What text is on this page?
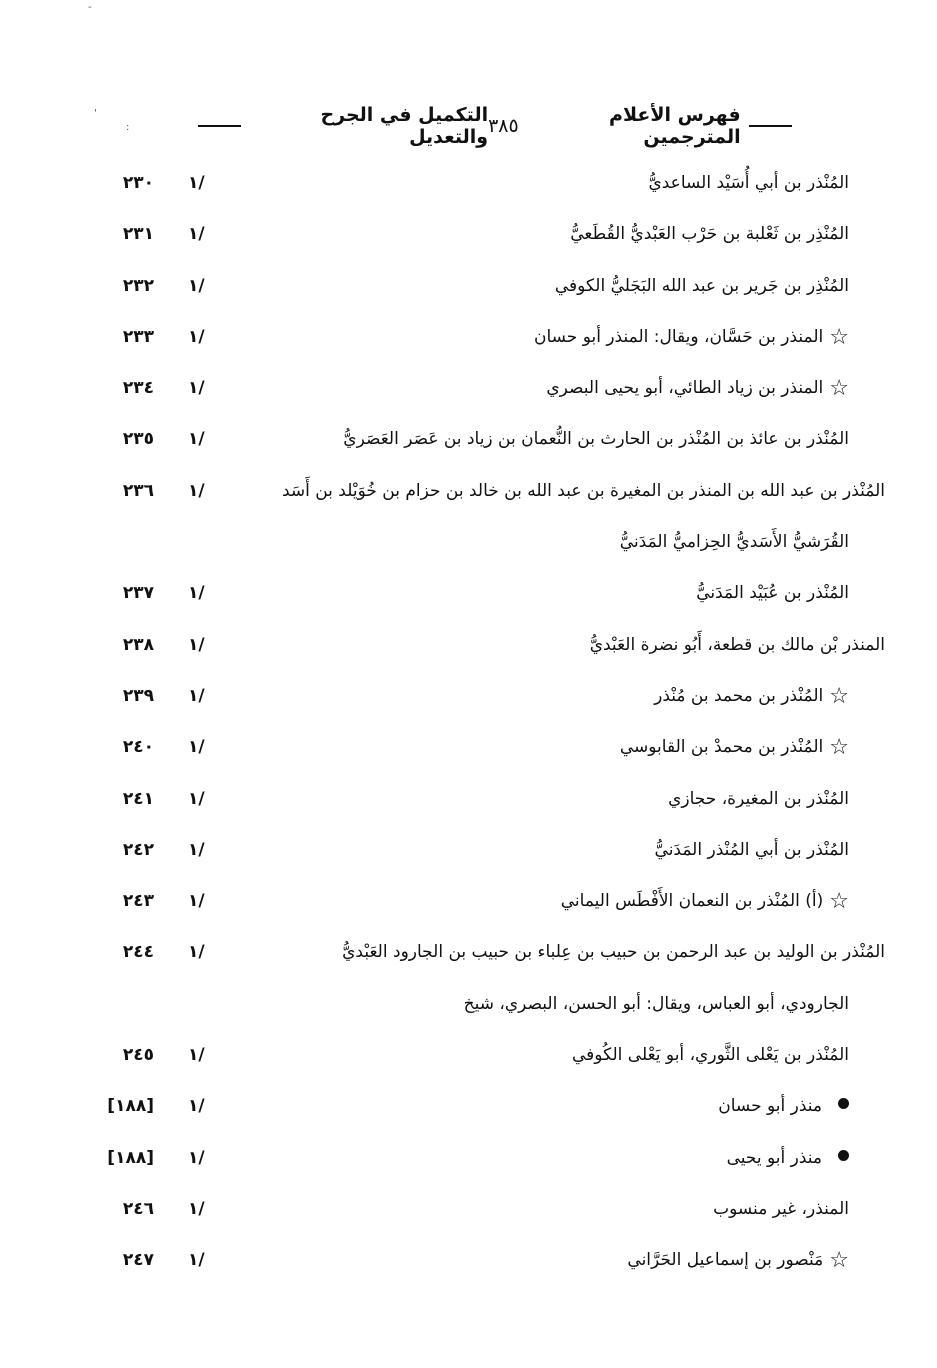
-
:
'	التكميل في الجرح والتعديل ٣٨٥	فهرس الأعلام المترجمين
المُنْذر بن أبي أُسَيْد الساعديُّ
٢٣٠ ١/
المُنْذِر بن ثَعْلبة بن حَرْب العَبْديُّ القُطَعيُّ
٢٣١ ١/
المُنْذِر بن جَرير بن عبد الله البَجَليُّ الكوفي
٢٣٢ ١/
☆المنذر بن حَسَّان، ويقال: المنذر أبو حسان
٢٣٣ ١/
☆المنذر بن زياد الطائي، أبو يحيى البصري
٢٣٤ ١/
المُنْذر بن عائذ بن المُنْذر بن الحارث بن النُّعمان بن زياد بن عَصَر العَصَريُّ
٢٣٥ ١/
المُنْذر بن عبد الله بن المنذر بن المغيرة بن عبد الله بن خالد بن حزام بن خُوَيْلد بن أَسَد
٢٣٦ ١/
القُرَشيُّ الأَسَديُّ الحِزاميُّ المَدَنيُّ
المُنْذر بن عُبَيْد المَدَنيُّ
٢٣٧ ١/
المنذر بْن مالك بن قطعة، أَبُو نضرة العَبْديُّ
٢٣٨ ١/
☆المُنْذر بن محمد بن مُنْذر
٢٣٩ ١/
☆المُنْذر بن محمدْ بن القابوسي
٢٤٠ ١/
المُنْذر بن المغيرة، حجازي
٢٤١ ١/
المُنْذر بن أبي المُنْذر المَدَنيُّ
٢٤٢ ١/
☆(أ) المُنْذر بن النعمان الأَفْطَس اليماني
٢٤٣ ١/
المُنْذر بن الوليد بن عبد الرحمن بن حبيب بن عِلباء بن حبيب بن الجارود العَبْديُّ
٢٤٤ ١/
الجارودي، أبو العباس، ويقال: أبو الحسن، البصري، شيخ
المُنْذر بن يَعْلى الثَّوري، أبو يَعْلى الكُوفي
٢٤٥ ١/
منذر أبو حسان
[١٨٨] ١/
منذر أبو يحيى
[١٨٨] ١/
المنذر، غير منسوب
٢٤٦ ١/
☆مَنْصور بن إسماعيل الحَرَّاني
٢٤٧ ١/
